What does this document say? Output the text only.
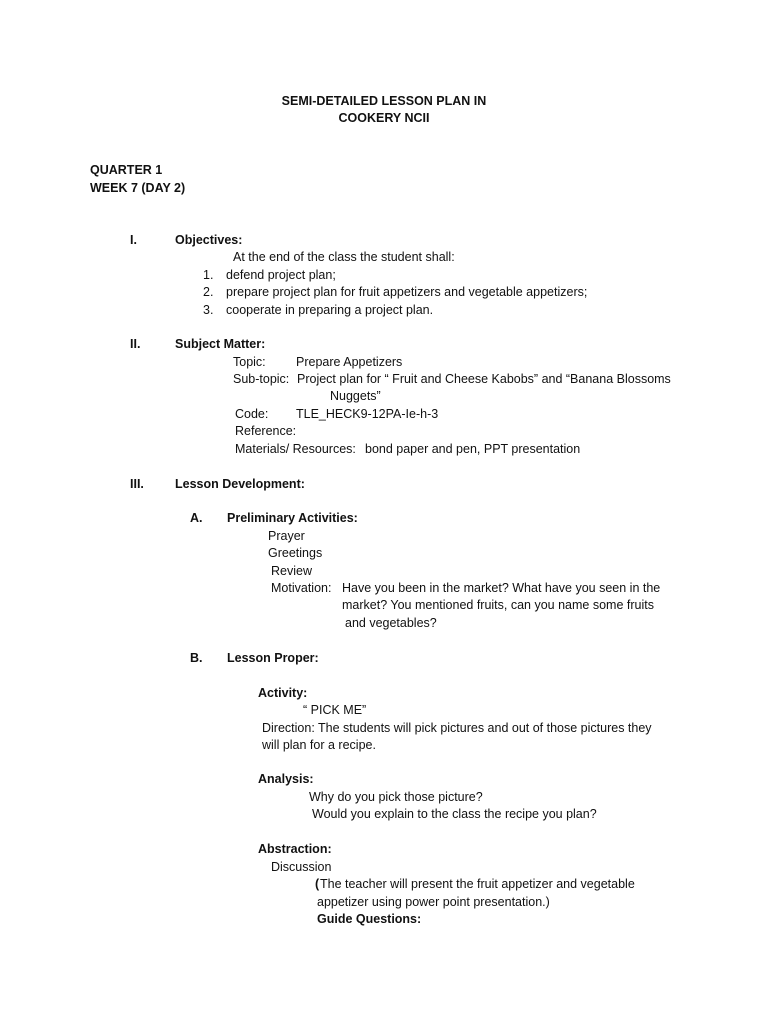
SEMI-DETAILED LESSON PLAN IN
COOKERY NCII
QUARTER 1
WEEK 7 (DAY 2)
I.	Objectives:
At the end of the class the student shall:
1. defend project plan;
2. prepare project plan for fruit appetizers and vegetable appetizers;
3. cooperate in preparing a project plan.
II.	Subject Matter:
Topic: Prepare Appetizers
Sub-topic: Project plan for “ Fruit and Cheese Kabobs” and “Banana Blossoms
Nuggets”
Code: TLE_HECK9-12PA-Ie-h-3
Reference:
Materials/ Resources: bond paper and pen, PPT presentation
III. Lesson Development:
A. Preliminary Activities:
Prayer
Greetings
Review
Motivation: Have you been in the market? What have you seen in the
market? You mentioned fruits, can you name some fruits
and vegetables?
B. Lesson Proper:
Activity:
“ PICK ME”
Direction: The students will pick pictures and out of those pictures they
will plan for a recipe.
Analysis:
Why do you pick those picture?
Would you explain to the class the recipe you plan?
Abstraction:
Discussion
( The teacher will present the fruit appetizer and vegetable
appetizer using power point presentation.)
Guide Questions:
